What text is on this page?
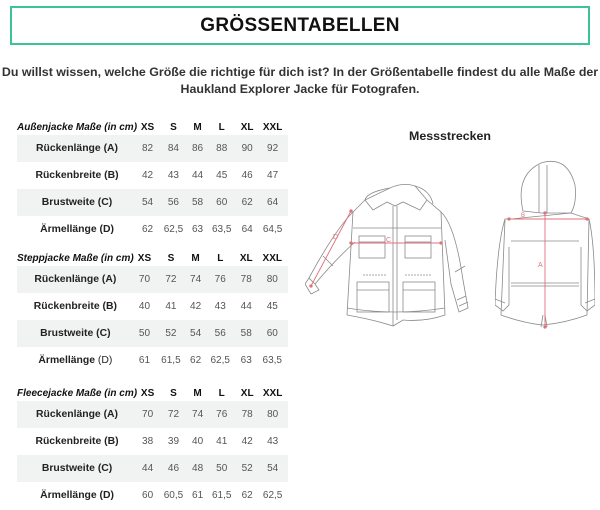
GRÖSSENTABELLEN
Du willst wissen, welche Größe die richtige für dich ist? In der Größentabelle findest du alle Maße der
Haukland Explorer Jacke für Fotografen.
Außenjacke Maße (in cm)	XS	S	M	L	XL	XXL
Rückenlänge (A)	82	84	86	88	90	92
Rückenbreite (B)	42	43	44	45	46	47
Brustweite (C)	54	56	58	60	62	64
Ärmellänge (D)	62	62,5	63	63,5	64	64,5
Steppjacke Maße (in cm)	XS	S	M	L	XL	XXL
Rückenlänge (A)	70	72	74	76	78	80
Rückenbreite (B)	40	41	42	43	44	45
Brustweite (C)	50	52	54	56	58	60
Ärmellänge (D)	61	61,5	62	62,5	63	63,5
Fleecejacke Maße (in cm)	XS	S	M	L	XL	XXL
Rückenlänge (A)	70	72	74	76	78	80
Rückenbreite (B)	38	39	40	41	42	43
Brustweite (C)	44	46	48	50	52	54
Ärmellänge (D)	60	60,5	61	61,5	62	62,5
Messstrecken
D	C
B
A
